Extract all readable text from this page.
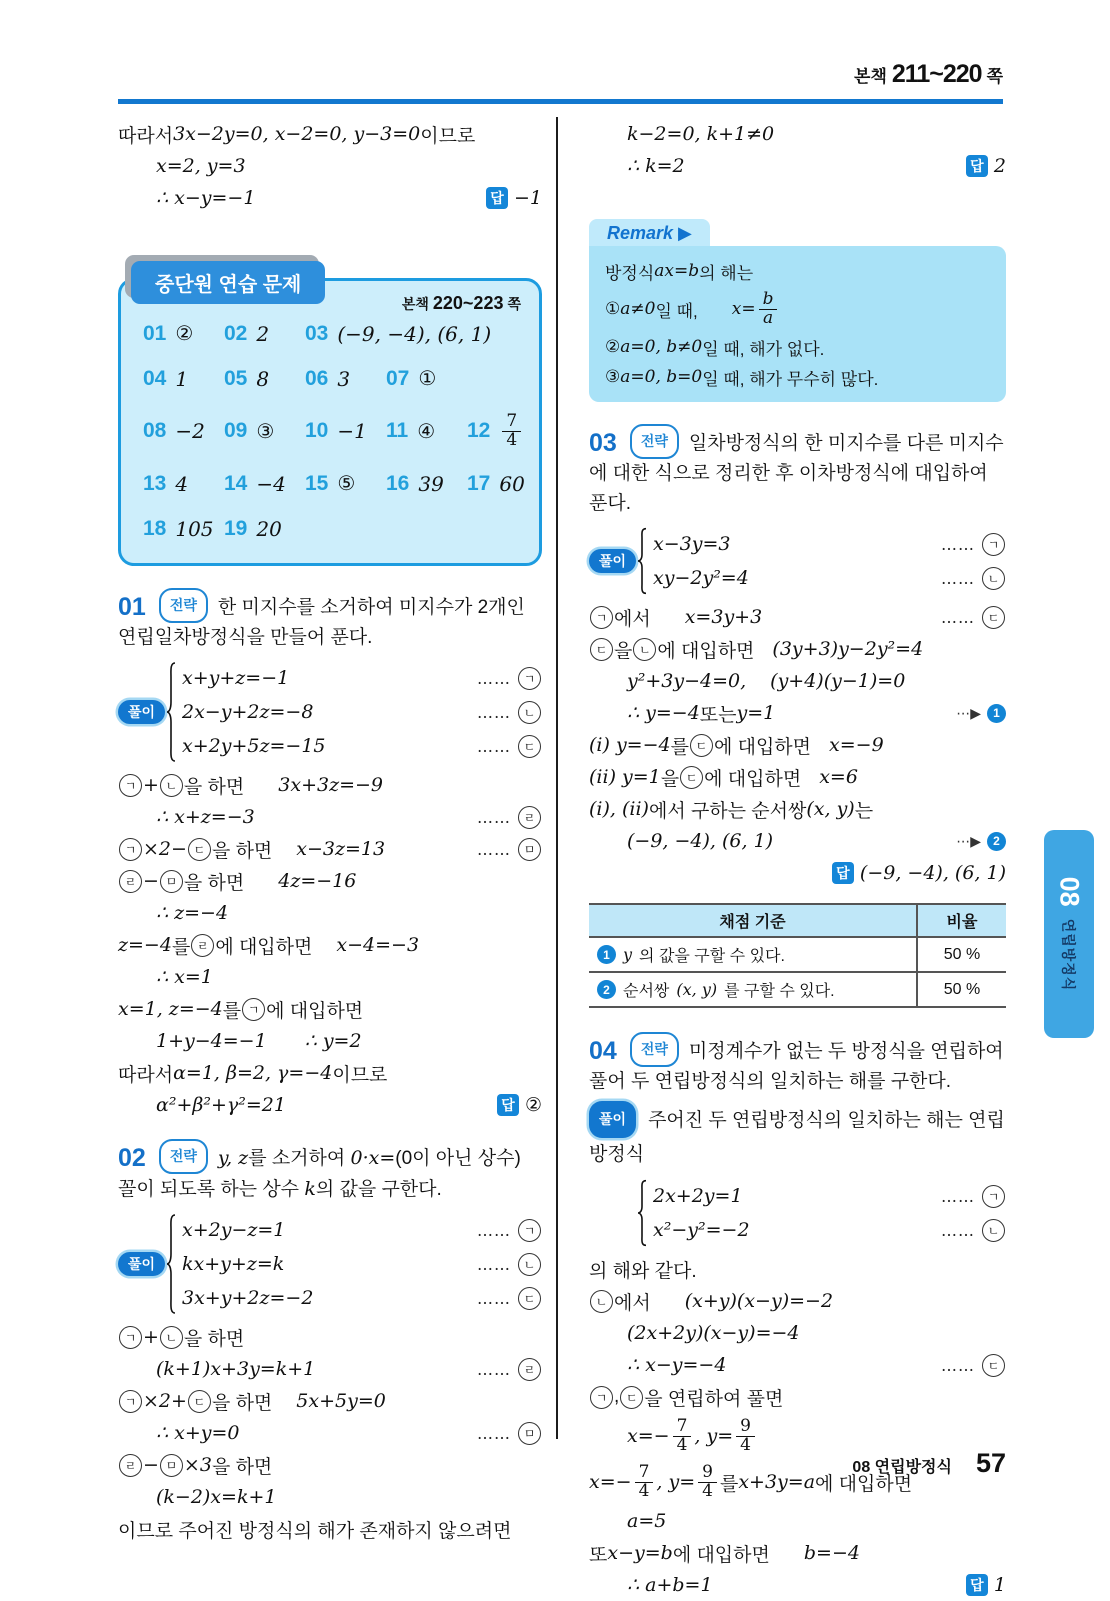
본책 211~220 쪽
따라서 3x−2y=0, x−2=0, y−3=0 이므로
x=2, y=3
∴ x−y=−1	답 −1
중단원 연습 문제
본책 220~223 쪽
01 ② 02 2 03 (−9, −4), (6, 1)
04 1 05 8 06 3 07 ①
08 −2 09 ③ 10 −1 11 ④ $12 \frac{7}{4}$
13 4 14 −4 15 ⑤ 16 39 17 60
18 105 19 20
01 전략 한 미지수를 소거하여 미지수가 2개인 연립일차방정식을 만들어 푼다.
풀이
x+y+z=−1	……	ㄱ
2x−y+2z=−8	……	ㄴ
x+2y+5z=−15	……	ㄷ
ㄱ + ㄴ 을 하면 3x+3z=−9
∴ x+z=−3	……	ㄹ
ㄱ ×2− ㄷ 을 하면 x−3z=13	……	ㅁ
ㄹ − ㅁ 을 하면 4z=−16
∴ z=−4
z=−4 를 ㄹ 에 대입하면 x−4=−3
∴ x=1
x=1, z=−4 를 ㄱ 에 대입하면
1+y−4=−1 ∴ y=2
따라서 α=1, β=2, γ=−4 이므로
α²+β²+γ²=21	답 ②
02 전략 y, z를 소거하여 0·x=(0이 아닌 상수) 꼴이 되도록 하는 상수 k의 값을 구한다.
풀이
x+2y−z=1	……	ㄱ
kx+y+z=k	……	ㄴ
3x+y+2z=−2	……	ㄷ
ㄱ + ㄴ 을 하면
(k+1)x+3y=k+1	……	ㄹ
ㄱ ×2+ ㄷ 을 하면 5x+5y=0
∴ x+y=0	……	ㅁ
ㄹ − ㅁ ×3 을 하면
(k−2)x=k+1
이므로 주어진 방정식의 해가 존재하지 않으려면
k−2=0, k+1≠0
∴ k=2	답 2
Remark ▶
방정식 ax=b 의 해는
① a≠0 일 때, $x= \frac{b}{a}$
② a=0, b≠0 일 때, 해가 없다.
③ a=0, b=0 일 때, 해가 무수히 많다.
03 전략 일차방정식의 한 미지수를 다른 미지수에 대한 식으로 정리한 후 이차방정식에 대입하여 푼다.
풀이
x−3y=3	……	ㄱ
xy−2y²=4	……	ㄴ
ㄱ 에서 x=3y+3	……	ㄷ
ㄷ 을 ㄴ 에 대입하면 (3y+3)y−2y²=4
y²+3y−4=0, (y+4)(y−1)=0
∴ y=−4 또는 y=1	⋯▶	1
(i) y=−4 를 ㄷ 에 대입하면 x=−9
(ii) y=1 을 ㄷ 에 대입하면 x=6
(i), (ii) 에서 구하는 순서쌍 (x, y) 는
(−9, −4), (6, 1)	⋯▶	2
답 (−9, −4), (6, 1)
채점 기준	비율

1 y 의 값을 구할 수 있다.	50 %

2 순서쌍 (x, y) 를 구할 수 있다.	50 %
04 전략 미정계수가 없는 두 방정식을 연립하여 풀어 두 연립방정식의 일치하는 해를 구한다.
풀이 주어진 두 연립방정식의 일치하는 해는 연립방정식
2x+2y=1	……	ㄱ
x²−y²=−2	……	ㄴ
의 해와 같다.
ㄴ 에서 (x+y)(x−y)=−2
(2x+2y)(x−y)=−4
∴ x−y=−4	……	ㄷ
ㄱ , ㄷ 을 연립하여 풀면
$x=- \frac{7}{4}$ , $y= \frac{9}{4}$
$x=- \frac{7}{4}$ , $y= \frac{9}{4}$ 를 x+3y=a 에 대입하면
a=5
또 x−y=b 에 대입하면 b=−4
∴ a+b=1	답 1
08
연립방정식
08 연립방정식 57
